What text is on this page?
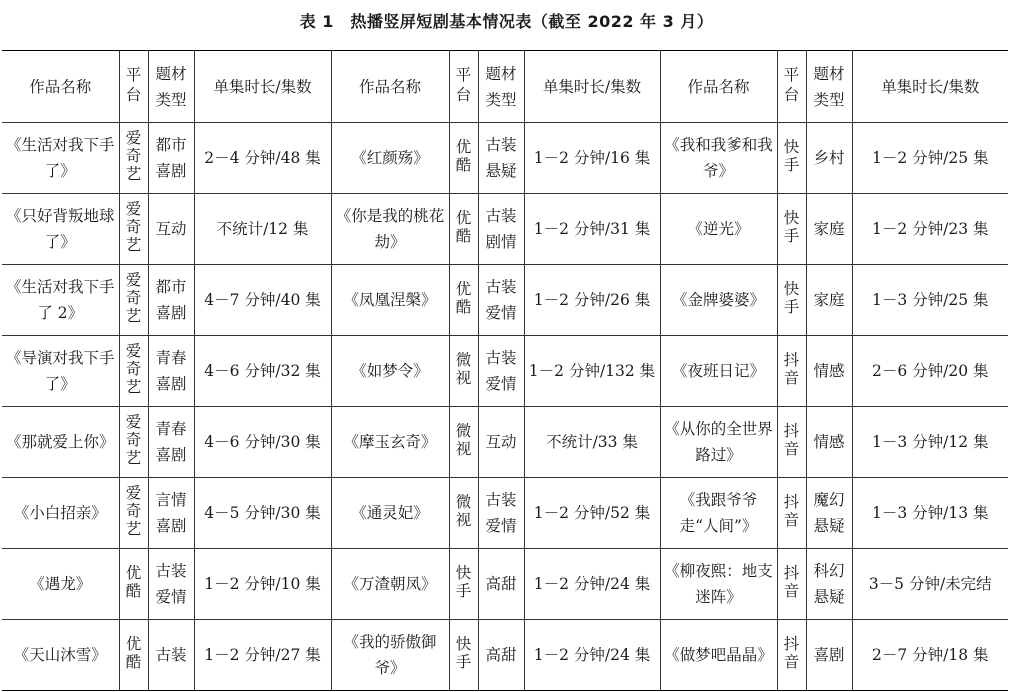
表 1　热播竖屏短剧基本情况表（截至 2022 年 3 月）
作品名称	平台	题材类型	单集时长/集数	作品名称	平台	题材类型	单集时长/集数	作品名称	平台	题材类型	单集时长/集数
《生活对我下手了》	爱奇艺	都市喜剧	2－4 分钟/48 集	《红颜殇》	优酷	古装悬疑	1－2 分钟/16 集	《我和我爹和我爷》	快手	乡村	1－2 分钟/25 集
《只好背叛地球了》	爱奇艺	互动	不统计/12 集	《你是我的桃花劫》	优酷	古装剧情	1－2 分钟/31 集	《逆光》	快手	家庭	1－2 分钟/23 集
《生活对我下手了 2》	爱奇艺	都市喜剧	4－7 分钟/40 集	《凤凰涅槃》	优酷	古装爱情	1－2 分钟/26 集	《金牌婆婆》	快手	家庭	1－3 分钟/25 集
《导演对我下手了》	爱奇艺	青春喜剧	4－6 分钟/32 集	《如梦令》	微视	古装爱情	1－2 分钟/132 集	《夜班日记》	抖音	情感	2－6 分钟/20 集
《那就爱上你》	爱奇艺	青春喜剧	4－6 分钟/30 集	《摩玉玄奇》	微视	互动	不统计/33 集	《从你的全世界路过》	抖音	情感	1－3 分钟/12 集
《小白招亲》	爱奇艺	言情喜剧	4－5 分钟/30 集	《通灵妃》	微视	古装爱情	1－2 分钟/52 集	《我跟爷爷走“人间”》	抖音	魔幻悬疑	1－3 分钟/13 集
《遇龙》	优酷	古装爱情	1－2 分钟/10 集	《万渣朝凤》	快手	高甜	1－2 分钟/24 集	《柳夜熙：地支迷阵》	抖音	科幻悬疑	3－5 分钟/未完结
《天山沐雪》	优酷	古装	1－2 分钟/27 集	《我的骄傲御爷》	快手	高甜	1－2 分钟/24 集	《做梦吧晶晶》	抖音	喜剧	2－7 分钟/18 集
